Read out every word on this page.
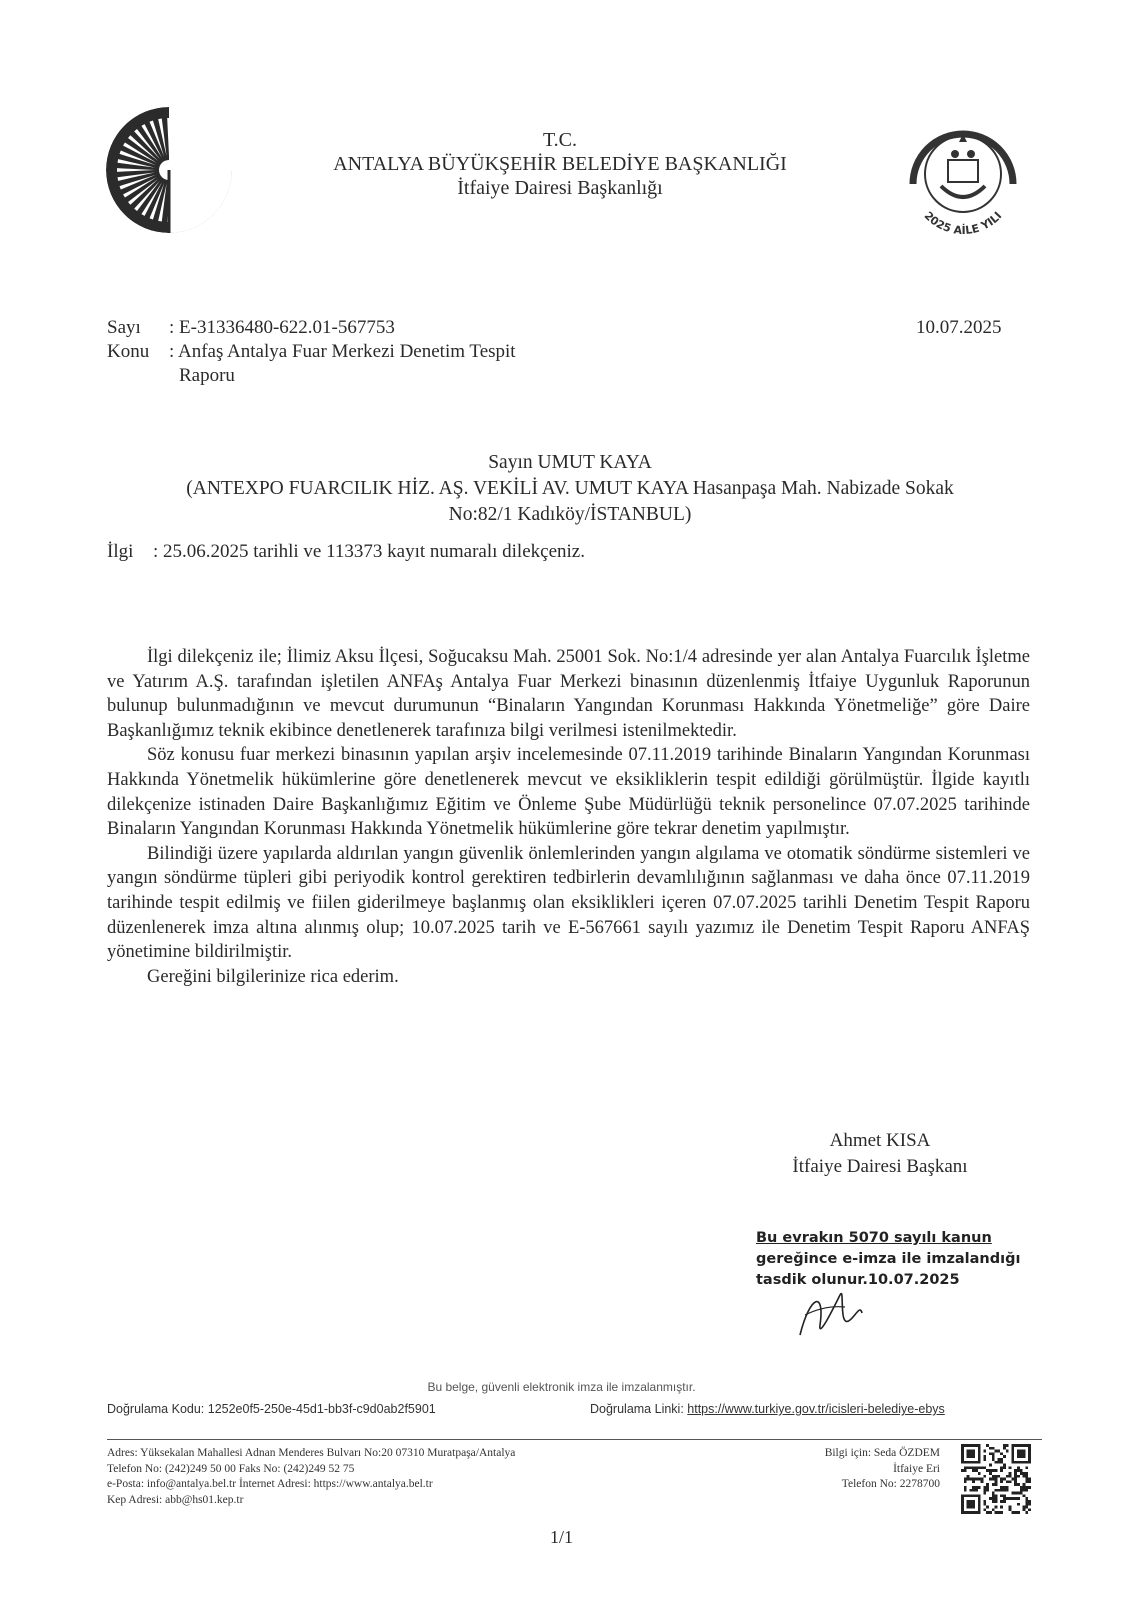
T.C.
ANTALYA BÜYÜKŞEHİR BELEDİYE BAŞKANLIĞI
İtfaiye Dairesi Başkanlığı
2025 AİLE YILI
Sayı	: E-31336480-622.01-567753	10.07.2025
Konu	: Anfaş Antalya Fuar Merkezi Denetim Tespit
Raporu
Sayın UMUT KAYA
(ANTEXPO FUARCILIK HİZ. AŞ. VEKİLİ AV. UMUT KAYA Hasanpaşa Mah. Nabizade Sokak
No:82/1 Kadıköy/İSTANBUL)
İlgi	: 25.06.2025 tarihli ve 113373 kayıt numaralı dilekçeniz.

İlgi dilekçeniz ile; İlimiz Aksu İlçesi, Soğucaksu Mah. 25001 Sok. No:1/4 adresinde yer alan Antalya Fuarcılık İşletme ve Yatırım A.Ş. tarafından işletilen ANFAş Antalya Fuar Merkezi binasının düzenlenmiş İtfaiye Uygunluk Raporunun bulunup bulunmadığının ve mevcut durumunun “Binaların Yangından Korunması Hakkında Yönetmeliğe” göre Daire Başkanlığımız teknik ekibince denetlenerek tarafınıza bilgi verilmesi istenilmektedir.

Söz konusu fuar merkezi binasının yapılan arşiv incelemesinde 07.11.2019 tarihinde Binaların Yangından Korunması Hakkında Yönetmelik hükümlerine göre denetlenerek mevcut ve eksikliklerin tespit edildiği görülmüştür. İlgide kayıtlı dilekçenize istinaden Daire Başkanlığımız Eğitim ve Önleme Şube Müdürlüğü teknik personelince 07.07.2025 tarihinde Binaların Yangından Korunması Hakkında Yönetmelik hükümlerine göre tekrar denetim yapılmıştır.

Bilindiği üzere yapılarda aldırılan yangın güvenlik önlemlerinden yangın algılama ve otomatik söndürme sistemleri ve yangın söndürme tüpleri gibi periyodik kontrol gerektiren tedbirlerin devamlılığının sağlanması ve daha önce 07.11.2019 tarihinde tespit edilmiş ve fiilen giderilmeye başlanmış olan eksiklikleri içeren 07.07.2025 tarihli Denetim Tespit Raporu düzenlenerek imza altına alınmış olup; 10.07.2025 tarih ve E-567661 sayılı yazımız ile Denetim Tespit Raporu ANFAŞ yönetimine bildirilmiştir.

Gereğini bilgilerinize rica ederim.

Ahmet KISA
İtfaiye Dairesi Başkanı
Bu evrakın 5070 sayılı kanun
gereğince e-imza ile imzalandığı
tasdik olunur.10.07.2025
Bu belge, güvenli elektronik imza ile imzalanmıştır.
Doğrulama Kodu: 1252e0f5-250e-45d1-bb3f-c9d0ab2f5901	Doğrulama Linki: https://www.turkiye.gov.tr/icisleri-belediye-ebys
Adres: Yüksekalan Mahallesi Adnan Menderes Bulvarı No:20 07310 Muratpaşa/Antalya
Telefon No: (242)249 50 00 Faks No: (242)249 52 75
e-Posta: info@antalya.bel.tr İnternet Adresi: https://www.antalya.bel.tr
Kep Adresi: abb@hs01.kep.tr
Bilgi için: Seda ÖZDEM
İtfaiye Eri
Telefon No: 2278700
1/1
